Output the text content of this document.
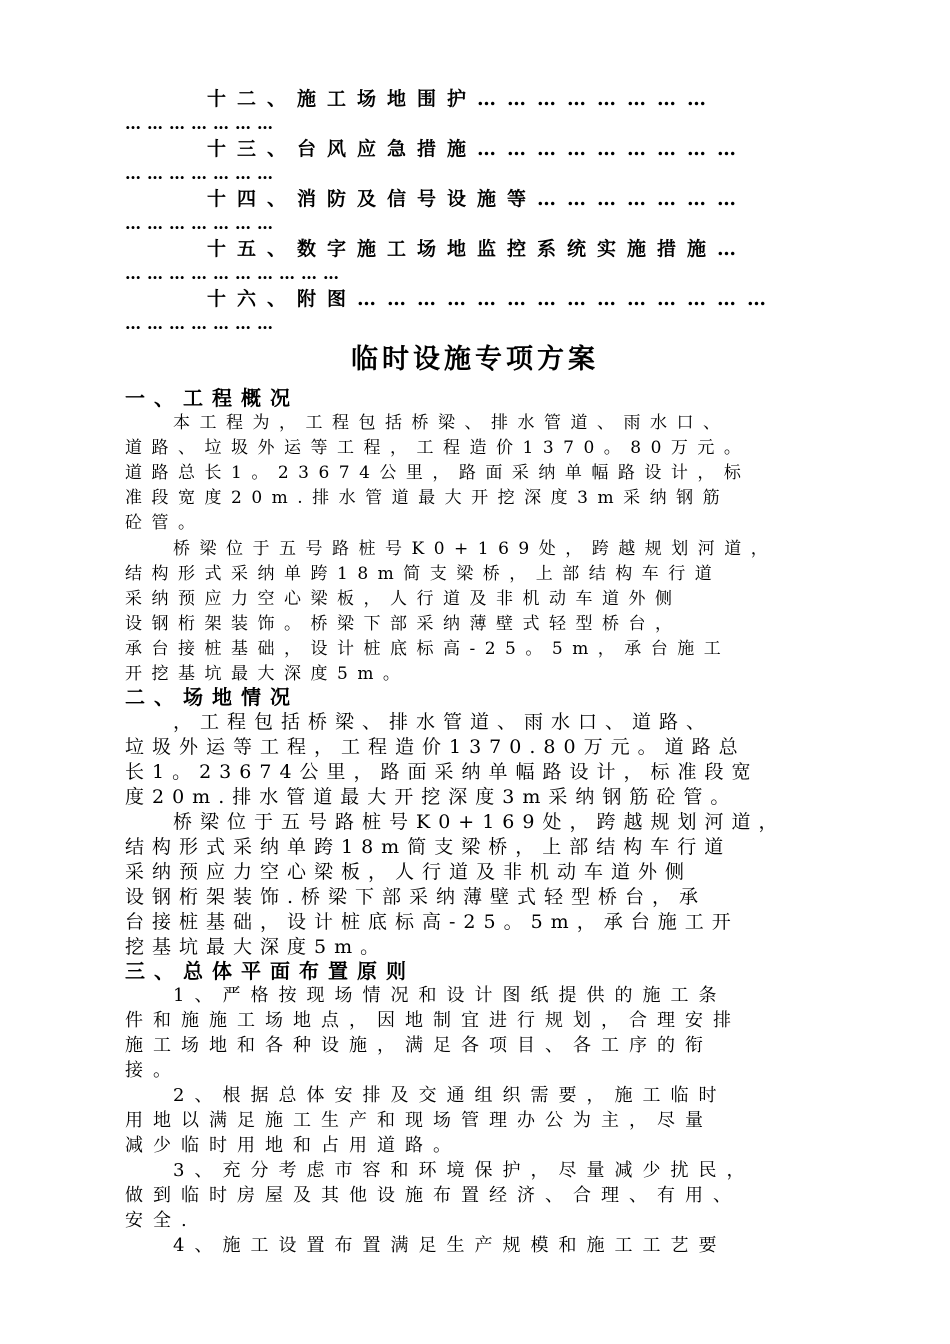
十二、施工场地围护……………………
…………………
十三、台风应急措施………………………
…………………
十四、消防及信号设施等…………………
…………………
十五、数字施工场地监控系统实施措施…
…………………………
十六、附图……………………………………
…………………
临时设施专项方案
一、工程概况
本工程为，工程包括桥梁、排水管道、雨水口、
道路、垃圾外运等工程，工程造价1370。80万元。
道路总长1。23674公里，路面采纳单幅路设计，标
准段宽度20m.排水管道最大开挖深度3m采纳钢筋
砼管。
桥梁位于五号路桩号K0+169处，跨越规划河道，
结构形式采纳单跨18m简支梁桥，上部结构车行道
采纳预应力空心梁板，人行道及非机动车道外侧
设钢桁架装饰。桥梁下部采纳薄壁式轻型桥台，
承台接桩基础，设计桩底标高-25。5m，承台施工
开挖基坑最大深度5m。
二、场地情况
，工程包括桥梁、排水管道、雨水口、道路、
垃圾外运等工程，工程造价1370.80万元。道路总
长1。23674公里，路面采纳单幅路设计，标准段宽
度20m.排水管道最大开挖深度3m采纳钢筋砼管。
桥梁位于五号路桩号K0+169处，跨越规划河道，
结构形式采纳单跨18m简支梁桥，上部结构车行道
采纳预应力空心梁板，人行道及非机动车道外侧
设钢桁架装饰.桥梁下部采纳薄壁式轻型桥台，承
台接桩基础，设计桩底标高-25。5m，承台施工开
挖基坑最大深度5m。
三、总体平面布置原则
1、严格按现场情况和设计图纸提供的施工条
件和施施工场地点，因地制宜进行规划，合理安排
施工场地和各种设施，满足各项目、各工序的衔
接。
2、根据总体安排及交通组织需要，施工临时
用地以满足施工生产和现场管理办公为主，尽量
减少临时用地和占用道路。
3、充分考虑市容和环境保护，尽量减少扰民，
做到临时房屋及其他设施布置经济、合理、有用、
安全.
4、施工设置布置满足生产规模和施工工艺要
